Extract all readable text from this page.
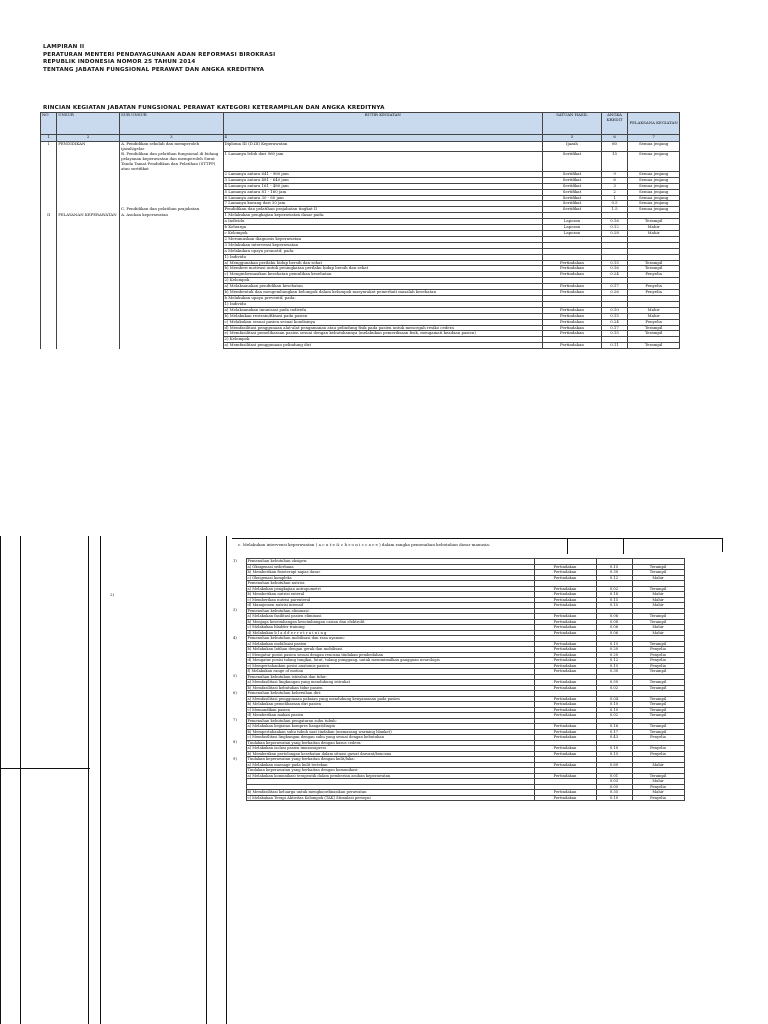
LAMPIRAN II
PERATURAN MENTERI PENDAYAGUNAAN ADAN REFORMASI BIROKRASI
REPUBLIK INDONESIA NOMOR 25 TAHUN 2014
TENTANG JABATAN FUNGSIONAL PERAWAT DAN ANGKA KREDITNYA
RINCIAN KEGIATAN JABATAN FUNGSIONAL PERAWAT KATEGORI KETERAMPILAN DAN ANGKA KREDITNYA
NO	UNSUR	SUB UNSUR	BUTIR KEGIATAN	SATUAN HASIL	ANGKA KREDIT	PELAKSANA KEGIATAN
1	2	3	4	5	6	7
I	PENDIDIKAN	A. Pendidikan sekolah dan memperoleh ijazah/gelar	Diploma III (D.III) Keperawatan	Ijazah	60	Semua jenjang
		B. Pendidikan dan pelatihan fungsional di bidang pelayanan keperawatan dan memperoleh Surat Tanda Tamat Pendidikan dan Pelatihan (STTPP) atau sertifikat	1 Lamanya lebih dari 960 jam	Sertifikat	15	Semua jenjang
			2 Lamanya antara 641 - 960 jam	Sertifikat	9	Semua jenjang
			3 Lamanya antara 481 - 640 jam	Sertifikat	6	Semua jenjang
			4 Lamanya antara 161 - 480 jam	Sertifikat	3	Semua jenjang
			5 Lamanya antara 81 - 160 jam	Sertifikat	2	Semua jenjang
			6 Lamanya antara 30 - 80 jam	Sertifikat	1	Semua jenjang
			7 Lamanya kurang dari 30 jam	Sertifikat	0.5	Semua jenjang
		C. Pendidikan dan pelatihan prajabatan	Pendidikan dan pelatihan prajabatan tingkat II	Sertifikat	1.5	Semua jenjang
II	PELAYANAN KEPERAWATAN	A. Asuhan keperawatan	1 Melakukan pengkajian keperawatan dasar pada:			
			a Individu	Laporan	0.16	Terampil
			b Keluarga	Laporan	0.12	Mahir
			c Kelompok	Laporan	0.28	Mahir
			2 Merumuskan diagnosis keperawatan			
			3 Melakukan intervensi keperawatan			
			a Melakukan upaya promotif, pada:			
			1) Individu			
			a) Menggunakan perilaku hidup bersih dan sehat	Pertindakan	0.15	Terampil
			b) Memberi motivasi untuk peningkatan perilaku hidup bersih dan sehat	Pertindakan	0.16	Terampil
			c) Menginformasikan kesehatan pemulihan kesehatan	Pertindakan	0.24	Penyelia
			2) Kelompok			
			a) Melaksanakan pendidikan kesehatan	Pertindakan	0.17	Penyelia
			b) Membentuk dan mengembangkan kelompok dalam kelompok masyarakat pemerhati masalah kesehatan	Pertindakan	0.26	Penyelia
			b Melakukan upaya preventif, pada:			
			1) Individu			
			a) Melaksanakan imunisasi pada individu	Pertindakan	0.10	Mahir
			b) Melakukan restrain/fiksasi pada pasien	Pertindakan	0.15	Mahir
			c) Melakukan sesuai pasien sesuai kondisinya	Pertindakan	0.24	Penyelia
			d) Memfasilitasi penggunaan alat-alat pengamanan atau pelindung fisik pada pasien untuk mencegah resiko cedera	Pertindakan	0.17	Terampil
			e) Memfasilitasi pemeliharaan pasien sesuai dengan kebutuhannya (melakukan pemeriksaan fisik, mengamati keadaan pasien)	Pertindakan	0.15	Terampil
			2) Kelompok			
			a) Memfasilitasi penggunaan pelindung diri	Pertindakan	0.11	Terampil
2)
c. Melakukan intervensi keperawatan ( a c u t e & c h r o n i c c a r e ) dalam rangka pemenuhan kebutuhan dasar manusia:
1)	Pemenuhan kebutuhan oksigen:			
	a) Oksigenasi sederhana	Pertindakan	0.15	Terampil
	b) Memberikan fisioterapi napas dasar	Pertindakan	0.30	Terampil
	c) Oksigenasi kompleks	Pertindakan	0.12	Mahir
	Pemenuhan kebutuhan nutrisi:			
	a) Melakukan pengkajian antropometri	Pertindakan	0.02	Terampil
	b) Memberikan nutrisi enteral	Pertindakan	0.18	Mahir
	c) Memberikan nutrisi parenteral	Pertindakan	0.15	Mahir
	d) Manajemen nutrisi intensif	Pertindakan	0.15	Mahir
3)	Pemenuhan kebutuhan eliminasi:			
	a) Melakukan fasilitasi pasien eliminasi	Pertindakan	0.06	Terampil
	b) Menjaga keseimbangan keseimbangan cairan dan elektrolit	Pertindakan	0.08	Terampil
	c) Melakukan bladder training	Pertindakan	0.06	Mahir
	d) Melakukan b l a d d e r r e t r a i n i n g	Pertindakan	0.06	Mahir
4)	Pemenuhan kebutuhan mobilisasi dan rasa nyaman:			
	a) Melakukan mobilisasi pasien	Pertindakan	0.15	Terampil
	b) Melakukan latihan dengan gerak dan mobilisasi	Pertindakan	0.20	Penyelia
	c) Mengatur posisi pasien sesuai dengan rencana tindakan pembedahan	Pertindakan	0.20	Penyelia
	d) Mengatur posisi tulang tungkai, lutut, tulang punggung, untuk meminimalkan gangguan neurologis	Pertindakan	0.12	Penyelia
	e) Mempertahankan posisi anatomis pasien	Pertindakan	0.15	Penyelia
	f) Melakukan range of motion	Pertindakan	0.30	Terampil
5)	Pemenuhan kebutuhan istirahat dan tidur:			
	a) Memfasilitasi lingkungan yang mendukung istirahat	Pertindakan	0.50	Terampil
	b) Memfasilitasi kebutuhan tidur pasien	Pertindakan	0.02	Terampil
6)	Pemenuhan kebutuhan kebersihan diri:			
	a) Memfasilitasi penggunaan pakaian yang mendukung kenyamanan pada pasien	Pertindakan	0.04	Terampil
	b) Melakukan pemeliharaan diri pasien	Pertindakan	0.10	Terampil
	c) Memandikan pasien	Pertindakan	0.10	Terampil
	d) Memberikan makan pasien	Pertindakan	0.02	Terampil
7)	Pemenuhan kebutuhan pengaturan suhu tubuh:			
	a) Melakukan kegiatan kompres hangat/dingin	Pertindakan	0.16	Terampil
	b) Mempertahankan suhu tubuh saat tindakan (memasang warming blanket)	Pertindakan	0.17	Terampil
	c) Memfasilitasi lingkungan dengan suhu yang sesuai dengan kebutuhan	Pertindakan	0.43	Penyelia
8)	Tindakan keperawatan yang berkaitan dengan kasus cedera:			
	a) Melakukan isolasi pasien imunosupresi	Pertindakan	0.10	Penyelia
	b) Memberikan pertolongan kesehatan dalam situasi gawat darurat/bencana	Pertindakan	0.15	Penyelia
9)	Tindakan keperawatan yang berkaitan dengan kulit/luka:			
	a) Melakukan massage pada kulit tertekan	Pertindakan	0.60	Mahir
	Tindakan keperawatan yang berkaitan dengan komunikasi:			
	a) Melakukan komunikasi terapeutik dalam pemberian asuhan keperawatan	Pertindakan	0.01	Terampil
			0.03	Mahir
			0.05	Penyelia
	b) Memfasilitasi keluarga untuk mengkoordinasikan perawatan	Pertindakan	0.35	Mahir
	c) Melakukan Terapi Aktivitas Kelompok (TAK) Stimulasi persepsi	Pertindakan	0.10	Penyelia
